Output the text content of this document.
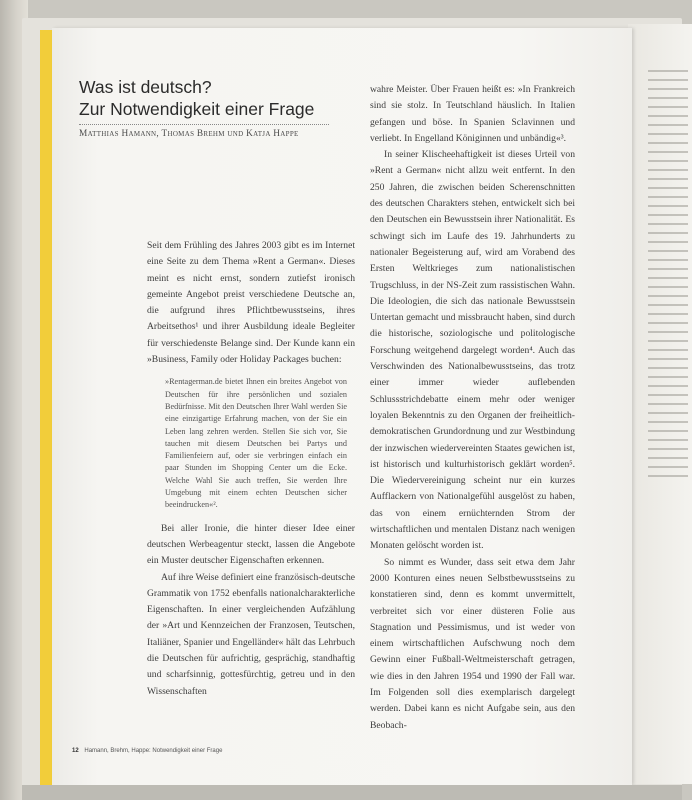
Was ist deutsch?
Zur Notwendigkeit einer Frage
Matthias Hamann, Thomas Brehm und Katja Happe

Seit dem Frühling des Jahres 2003 gibt es im Internet eine Seite zu dem Thema »Rent a German«. Dieses meint es nicht ernst, sondern zutiefst ironisch gemeinte Angebot preist verschiedene Deutsche an, die aufgrund ihres Pflichtbewusstseins, ihres Arbeitsethos¹ und ihrer Ausbildung ideale Begleiter für verschiedenste Belange sind. Der Kunde kann ein »Business, Family oder Holiday Packages buchen:

»Rentagerman.de bietet Ihnen ein breites Angebot von Deutschen für ihre persönlichen und sozialen Bedürfnisse. Mit den Deutschen Ihrer Wahl werden Sie eine einzigartige Erfahrung machen, von der Sie ein Leben lang zehren werden. Stellen Sie sich vor, Sie tauchen mit diesem Deutschen bei Partys und Familienfeiern auf, oder sie verbringen einfach ein paar Stunden im Shopping Center um die Ecke. Welche Wahl Sie auch treffen, Sie werden Ihre Umgebung mit einem echten Deutschen sicher beeindrucken«².

Bei aller Ironie, die hinter dieser Idee einer deutschen Werbeagentur steckt, lassen die Angebote ein Muster deutscher Eigenschaften erkennen.

Auf ihre Weise definiert eine französisch-deutsche Grammatik von 1752 ebenfalls nationalcharakterliche Eigenschaften. In einer vergleichenden Aufzählung der »Art und Kennzeichen der Franzosen, Teutschen, Italiäner, Spanier und Engelländer« hält das Lehrbuch die Deutschen für aufrichtig, gesprächig, standhaftig und scharfsinnig, gottesfürchtig, getreu und in den Wissenschaften

wahre Meister. Über Frauen heißt es: »In Frankreich sind sie stolz. In Teutschland häuslich. In Italien gefangen und böse. In Spanien Sclavinnen und verliebt. In Engelland Königinnen und unbändig«³.

In seiner Klischeehaftigkeit ist dieses Urteil von »Rent a German« nicht allzu weit entfernt. In den 250 Jahren, die zwischen beiden Scherenschnitten des deutschen Charakters stehen, entwickelt sich bei den Deutschen ein Bewusstsein ihrer Nationalität. Es schwingt sich im Laufe des 19. Jahrhunderts zu nationaler Begeisterung auf, wird am Vorabend des Ersten Weltkrieges zum nationalistischen Trugschluss, in der NS-Zeit zum rassistischen Wahn. Die Ideologien, die sich das nationale Bewusstsein Untertan gemacht und missbraucht haben, sind durch die historische, soziologische und politologische Forschung weitgehend dargelegt worden⁴. Auch das Verschwinden des Nationalbewusstseins, das trotz einer immer wieder auflebenden Schlussstrichdebatte einem mehr oder weniger loyalen Bekenntnis zu den Organen der freiheitlich-demokratischen Grundordnung und zur Westbindung der inzwischen wiedervereinten Staates gewichen ist, ist historisch und kulturhistorisch geklärt worden⁵. Die Wiedervereinigung scheint nur ein kurzes Aufflackern von Nationalgefühl ausgelöst zu haben, das von einem ernüchternden Strom der wirtschaftlichen und mentalen Distanz nach wenigen Monaten gelöscht worden ist.

So nimmt es Wunder, dass seit etwa dem Jahr 2000 Konturen eines neuen Selbstbewusstseins zu konstatieren sind, denn es kommt unvermittelt, verbreitet sich vor einer düsteren Folie aus Stagnation und Pessimismus, und ist weder von einem wirtschaftlichen Aufschwung noch dem Gewinn einer Fußball-Weltmeisterschaft getragen, wie dies in den Jahren 1954 und 1990 der Fall war. Im Folgenden soll dies exemplarisch dargelegt werden. Dabei kann es nicht Aufgabe sein, aus den Beobach-

12 Hamann, Brehm, Happe: Notwendigkeit einer Frage
